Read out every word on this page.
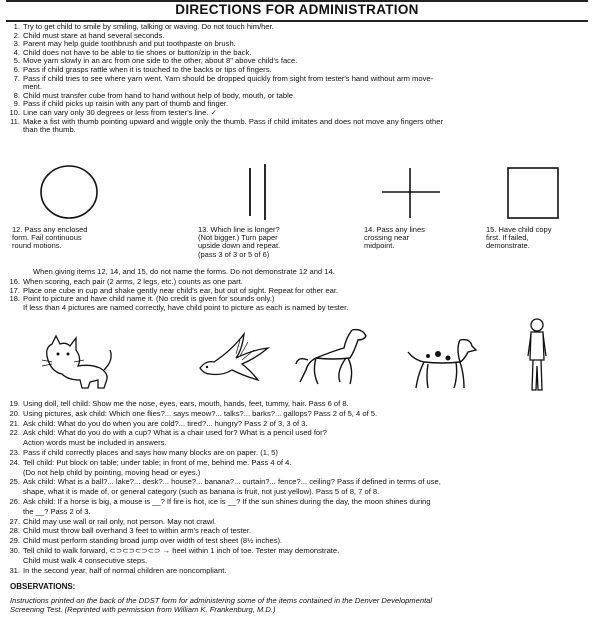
DIRECTIONS FOR ADMINISTRATION
1. Try to get child to smile by smiling, talking or waving. Do not touch him/her.
2. Child must stare at hand several seconds.
3. Parent may help guide toothbrush and put toothpaste on brush.
4. Child does not have to be able to tie shoes or button/zip in the back.
5. Move yarn slowly in an arc from one side to the other, about 8" above child's face.
6. Pass if child grasps rattle when it is touched to the backs or tips of fingers.
7. Pass if child tries to see where yarn went. Yarn should be dropped quickly from sight from tester's hand without arm move-
ment.
8. Child must transfer cube from hand to hand without help of body, mouth, or table.
9. Pass if child picks up raisin with any part of thumb and finger.
10. Line can vary only 30 degrees or less from tester's line. ✓
11. Make a fist with thumb pointing upward and wiggle only the thumb. Pass if child imitates and does not move any fingers other
than the thumb.
12. Pass any enclosed
form. Fail continuous
round motions.
13. Which line is longer?
(Not bigger.) Turn paper
upside down and repeat.
(pass 3 of 3 or 5 of 6)
14. Pass any lines
crossing near
midpoint.
15. Have child copy
first. If failed,
demonstrate.
When giving items 12, 14, and 15, do not name the forms. Do not demonstrate 12 and 14.
16. When scoring, each pair (2 arms, 2 legs, etc.) counts as one part.
17. Place one cube in cup and shake gently near child's ear, but out of sight. Repeat for other ear.
18. Point to picture and have child name it. (No credit is given for sounds only.)
If less than 4 pictures are named correctly, have child point to picture as each is named by tester.
19. Using doll, tell child: Show me the nose, eyes, ears, mouth, hands, feet, tummy, hair. Pass 6 of 8.
20. Using pictures, ask child: Which one flies?... says meow?... talks?... barks?... gallops? Pass 2 of 5, 4 of 5.
21. Ask child: What do you do when you are cold?... tired?... hungry? Pass 2 of 3, 3 of 3.
22. Ask child: What do you do with a cup? What is a chair used for? What is a pencil used for?
Action words must be included in answers.
23. Pass if child correctly places and says how many blocks are on paper. (1, 5)
24. Tell child: Put block on table; under table; in front of me, behind me. Pass 4 of 4.
(Do not help child by pointing, moving head or eyes.)
25. Ask child: What is a ball?... lake?... desk?... house?... banana?... curtain?... fence?... ceiling? Pass if defined in terms of use,
shape, what it is made of, or general category (such as banana is fruit, not just yellow). Pass 5 of 8, 7 of 8.
26. Ask child: If a horse is big, a mouse is __? If fire is hot, ice is __? If the sun shines during the day, the moon shines during
the __? Pass 2 of 3.
27. Child may use wall or rail only, not person. May not crawl.
28. Child must throw ball overhand 3 feet to within arm's reach of tester.
29. Child must perform standing broad jump over width of test sheet (8½ inches).
30. Tell child to walk forward, ⊂⊃⊂⊃⊂⊃⊂⊃ → heel within 1 inch of toe. Tester may demonstrate.
Child must walk 4 consecutive steps.
31. In the second year, half of normal children are noncompliant.
OBSERVATIONS:
Instructions printed on the back of the DDST form for administering some of the items contained in the Denver Developmental
Screening Test. (Reprinted with permission from William K. Frankenburg, M.D.)
